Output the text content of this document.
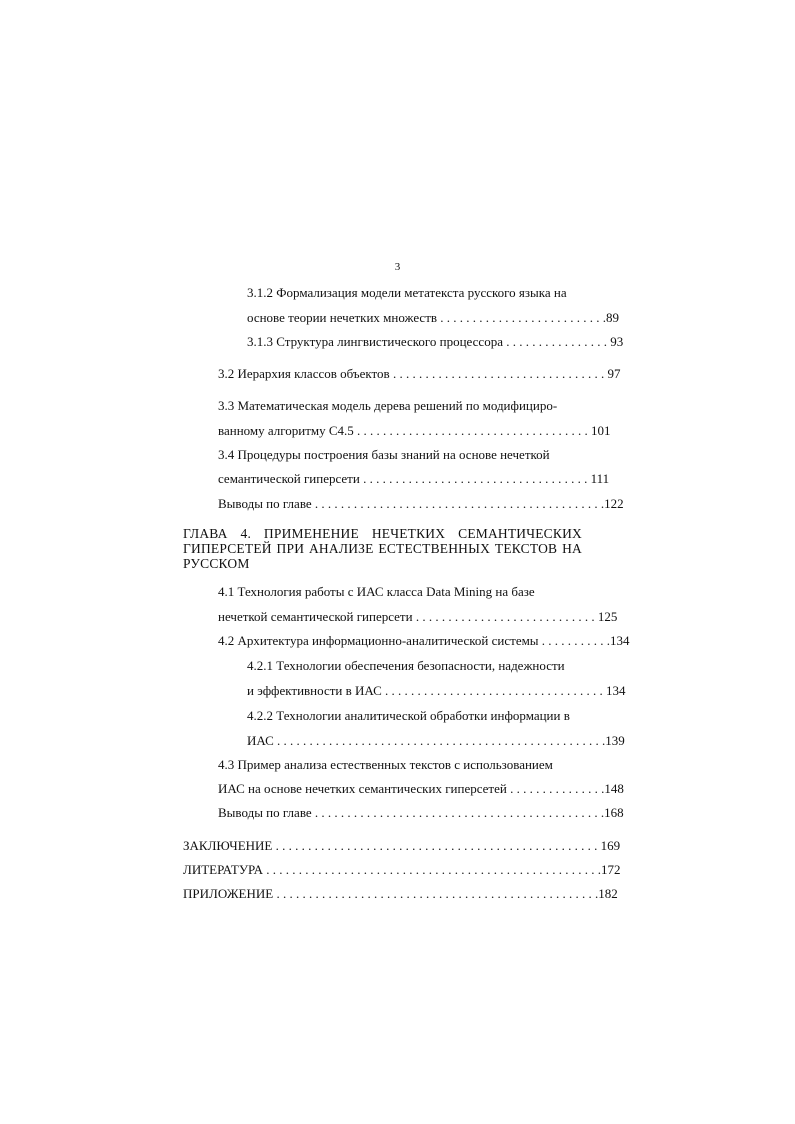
3
3.1.2 Формализация модели метатекста русского языка на
основе теории нечетких множеств . . . . . . . . . . . . . . . . . . . . . . . . . .89
3.1.3 Структура лингвистического процессора . . . . . . . . . . . . . . . . 93
3.2 Иерархия классов объектов . . . . . . . . . . . . . . . . . . . . . . . . . . . . . . . . . 97
3.3 Математическая модель дерева решений по модифициро-
ванному алгоритму С4.5 . . . . . . . . . . . . . . . . . . . . . . . . . . . . . . . . . . . . 101
3.4 Процедуры построения базы знаний на основе нечеткой
семантической гиперсети . . . . . . . . . . . . . . . . . . . . . . . . . . . . . . . . . . . 111
Выводы по главе . . . . . . . . . . . . . . . . . . . . . . . . . . . . . . . . . . . . . . . . . . . . .122
ГЛАВА 4. ПРИМЕНЕНИЕ НЕЧЕТКИХ СЕМАНТИЧЕСКИХ ГИПЕРСЕТЕЙ ПРИ АНАЛИЗЕ ЕСТЕСТВЕННЫХ ТЕКСТОВ НА РУССКОМ
4.1 Технология работы с ИАС класса Data Mining на базе
нечеткой семантической гиперсети . . . . . . . . . . . . . . . . . . . . . . . . . . . . 125
4.2 Архитектура информационно-аналитической системы . . . . . . . . . . .134
4.2.1 Технологии обеспечения безопасности, надежности
и эффективности в ИАС . . . . . . . . . . . . . . . . . . . . . . . . . . . . . . . . . . 134
4.2.2 Технологии аналитической обработки информации в
ИАС . . . . . . . . . . . . . . . . . . . . . . . . . . . . . . . . . . . . . . . . . . . . . . . . . . .139
4.3 Пример анализа естественных текстов с использованием
ИАС на основе нечетких семантических гиперсетей . . . . . . . . . . . . . . .148
Выводы по главе . . . . . . . . . . . . . . . . . . . . . . . . . . . . . . . . . . . . . . . . . . . . .168
ЗАКЛЮЧЕНИЕ . . . . . . . . . . . . . . . . . . . . . . . . . . . . . . . . . . . . . . . . . . . . . . . . . . 169
ЛИТЕРАТУРА . . . . . . . . . . . . . . . . . . . . . . . . . . . . . . . . . . . . . . . . . . . . . . . . . . . .172
ПРИЛОЖЕНИЕ . . . . . . . . . . . . . . . . . . . . . . . . . . . . . . . . . . . . . . . . . . . . . . . . . .182
